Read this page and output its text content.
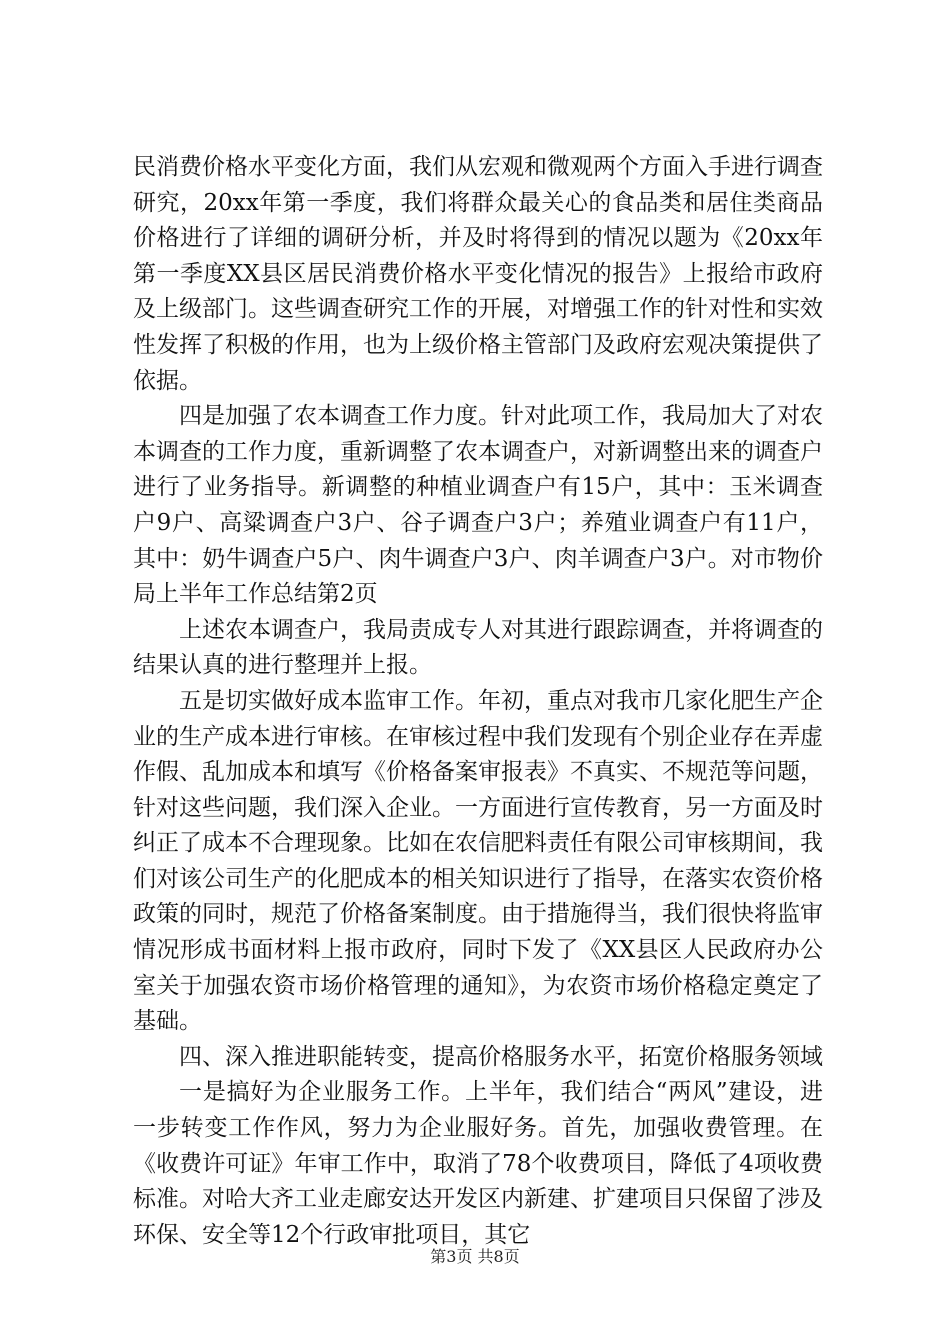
民消费价格水平变化方面，我们从宏观和微观两个方面入手进行调查研究，20xx年第一季度，我们将群众最关心的食品类和居住类商品价格进行了详细的调研分析，并及时将得到的情况以题为《20xx年第一季度XX县区居民消费价格水平变化情况的报告》上报给市政府及上级部门。这些调查研究工作的开展，对增强工作的针对性和实效性发挥了积极的作用，也为上级价格主管部门及政府宏观决策提供了依据。

四是加强了农本调查工作力度。针对此项工作，我局加大了对农本调查的工作力度，重新调整了农本调查户，对新调整出来的调查户进行了业务指导。新调整的种植业调查户有15户，其中：玉米调查户9户、高粱调查户3户、谷子调查户3户；养殖业调查户有11户，其中：奶牛调查户5户、肉牛调查户3户、肉羊调查户3户。对市物价局上半年工作总结第2页

上述农本调查户，我局责成专人对其进行跟踪调查，并将调查的结果认真的进行整理并上报。

五是切实做好成本监审工作。年初，重点对我市几家化肥生产企业的生产成本进行审核。在审核过程中我们发现有个别企业存在弄虚作假、乱加成本和填写《价格备案审报表》不真实、不规范等问题，针对这些问题，我们深入企业。一方面进行宣传教育，另一方面及时纠正了成本不合理现象。比如在农信肥料责任有限公司审核期间，我们对该公司生产的化肥成本的相关知识进行了指导，在落实农资价格政策的同时，规范了价格备案制度。由于措施得当，我们很快将监审情况形成书面材料上报市政府，同时下发了《XX县区人民政府办公室关于加强农资市场价格管理的通知》，为农资市场价格稳定奠定了基础。

四、深入推进职能转变，提高价格服务水平，拓宽价格服务领域

一是搞好为企业服务工作。上半年，我们结合“两风”建设，进一步转变工作作风，努力为企业服好务。首先，加强收费管理。在《收费许可证》年审工作中，取消了78个收费项目，降低了4项收费标准。对哈大齐工业走廊安达开发区内新建、扩建项目只保留了涉及环保、安全等12个行政审批项目，其它

第3页 共8页
